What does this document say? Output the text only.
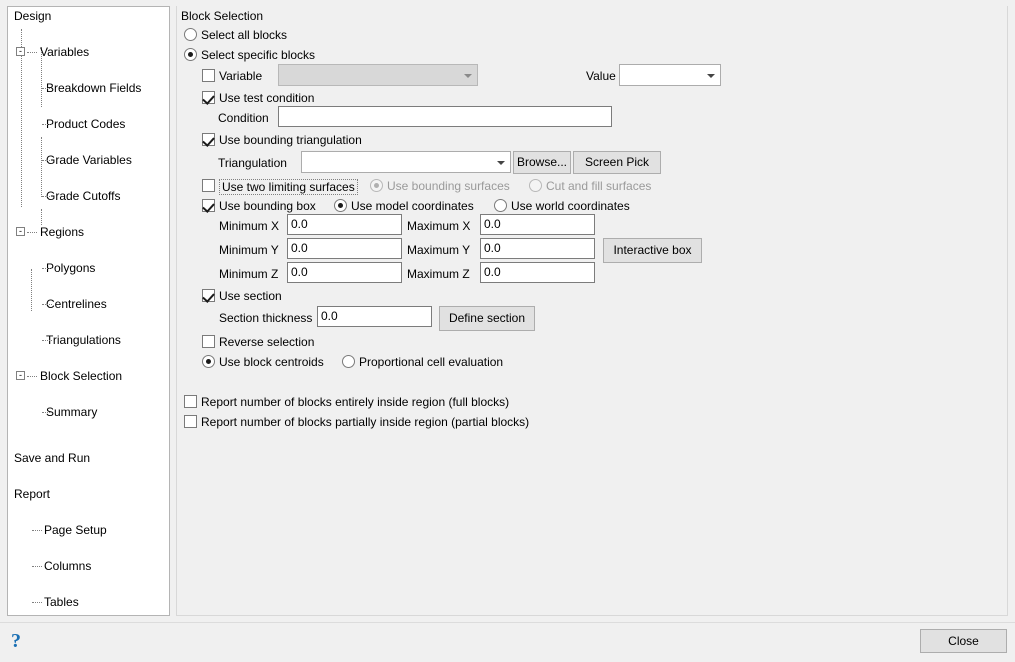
Design
- Variables
Breakdown Fields
Product Codes
Grade Variables
Grade Cutoffs
- Regions
Polygons
Centrelines
Triangulations
- Block Selection
Summary
Save and Run
Report
Page Setup
Columns
Tables
Block Selection
Select all blocks
Select specific blocks
Variable	Value
Use test condition
Condition
Use bounding triangulation
Triangulation	Browse...	Screen Pick
Use two limiting surfaces	Use bounding surfaces	Cut and fill surfaces
Use bounding box	Use model coordinates	Use world coordinates
Minimum X 0.0	Maximum X	0.0
Minimum Y	0.0	Maximum Y	0.0	Interactive box
Minimum Z	0.0	Maximum Z	0.0
Use section
Section thickness 0.0	Define section
Reverse selection
Use block centroids	Proportional cell evaluation
Report number of blocks entirely inside region (full blocks)
Report number of blocks partially inside region (partial blocks)
?	Close
